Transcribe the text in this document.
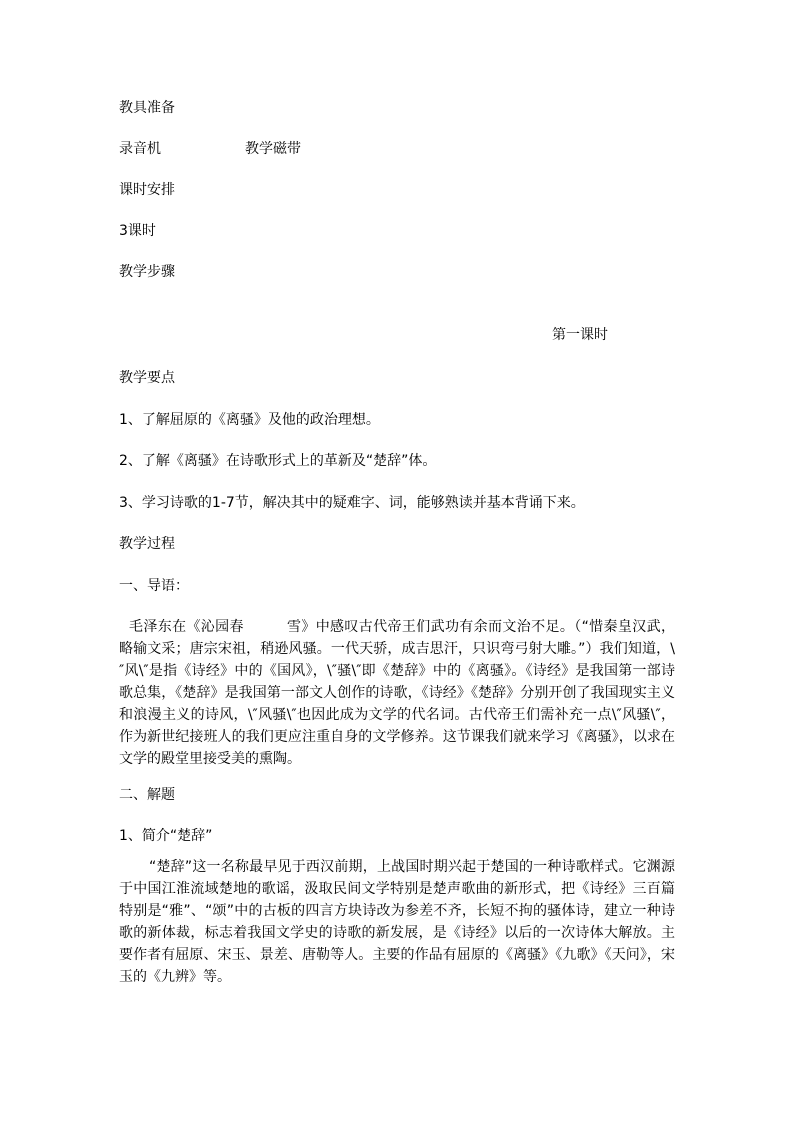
教具准备
录音机	教学磁带
课时安排
3课时
教学步骤
第一课时
教学要点
1、了解屈原的《离骚》及他的政治理想。
2、了解《离骚》在诗歌形式上的革新及“楚辞”体。
3、学习诗歌的1-7节，解决其中的疑难字、词，能够熟读并基本背诵下来。
教学过程
一、导语：
毛泽东在《沁园春　　　雪》中感叹古代帝王们武功有余而文治不足。（“惜秦皇汉武，略输文采；唐宗宋祖，稍逊风骚。一代天骄，成吉思汗，只识弯弓射大雕。”）我们知道，\″风\″是指《诗经》中的《国风》，\″骚\″即《楚辞》中的《离骚》。《诗经》是我国第一部诗歌总集，《楚辞》是我国第一部文人创作的诗歌，《诗经》《楚辞》分别开创了我国现实主义和浪漫主义的诗风，\″风骚\″也因此成为文学的代名词。古代帝王们需补充一点\″风骚\″，作为新世纪接班人的我们更应注重自身的文学修养。这节课我们就来学习《离骚》，以求在文学的殿堂里接受美的熏陶。
二、解题
1、简介“楚辞”
“楚辞”这一名称最早见于西汉前期，上战国时期兴起于楚国的一种诗歌样式。它渊源于中国江淮流域楚地的歌谣，汲取民间文学特别是楚声歌曲的新形式，把《诗经》三百篇特别是“雅”、“颂”中的古板的四言方块诗改为参差不齐，长短不拘的骚体诗，建立一种诗歌的新体裁，标志着我国文学史的诗歌的新发展，是《诗经》以后的一次诗体大解放。主要作者有屈原、宋玉、景差、唐勒等人。主要的作品有屈原的《离骚》《九歌》《天问》，宋玉的《九辨》等。
